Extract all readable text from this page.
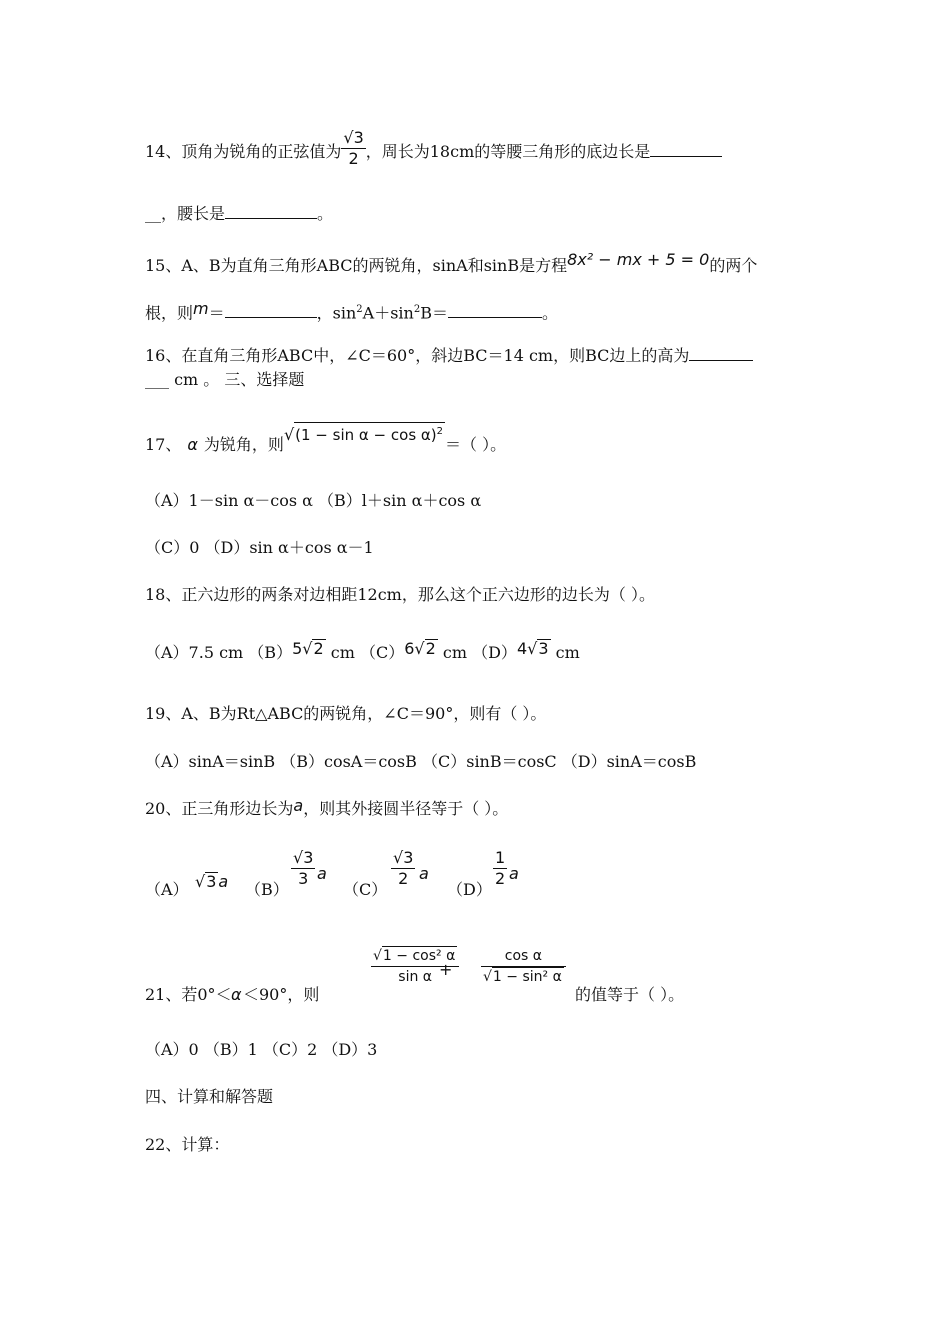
14、顶角为锐角的正弦值为 $\frac{√3}{2}$ ，周长为18cm的等腰三角形的底边长是
__，腰长是	。
15、A、B为直角三角形ABC的两锐角，sinA和sinB是方程8x² − mx + 5 = 0的两个
根，则m＝	，$\sin^2A+\sin^2B=$	。
16、在直角三角形ABC中，∠C＝60°，斜边BC＝14 cm，则BC边上的高为
___ cm 。 三、选择题
17、 α 为锐角，则$√(1 - \sin \alpha - \cos \alpha)^2=$（ ）。
（A）1－sin α－cos α （B）l＋sin α＋cos α
（C）0 （D）sin α＋cos α－1
18、正六边形的两条对边相距12cm，那么这个正六边形的边长为（ ）。
（A）7.5 cm （B）5√2 cm （C）6√2 cm （D）4√3 cm
19、A、B为Rt△ABC的两锐角，∠C＝90°，则有（ ）。
（A）sinA＝sinB （B）cosA＝cosB （C）sinB＝cosC （D）sinA＝cosB
20、正三角形边长为a，则其外接圆半径等于（ ）。
（A） √3 a （B）
$\frac{√3}{3}$ a
（C）
$\frac{√3}{2}$ a
（D）
$\frac{1}{2}$ a
21、若0°＜ α ＜90°，则
$\frac{\text{√1 − cos² α}}{\text{sin α}}$
+ $\frac{\text{cos α}}{\text{√1 − sin² α}}$
的值等于（ ）。
（A）0 （B）1 （C）2 （D）3
四、计算和解答题
22、计算：
